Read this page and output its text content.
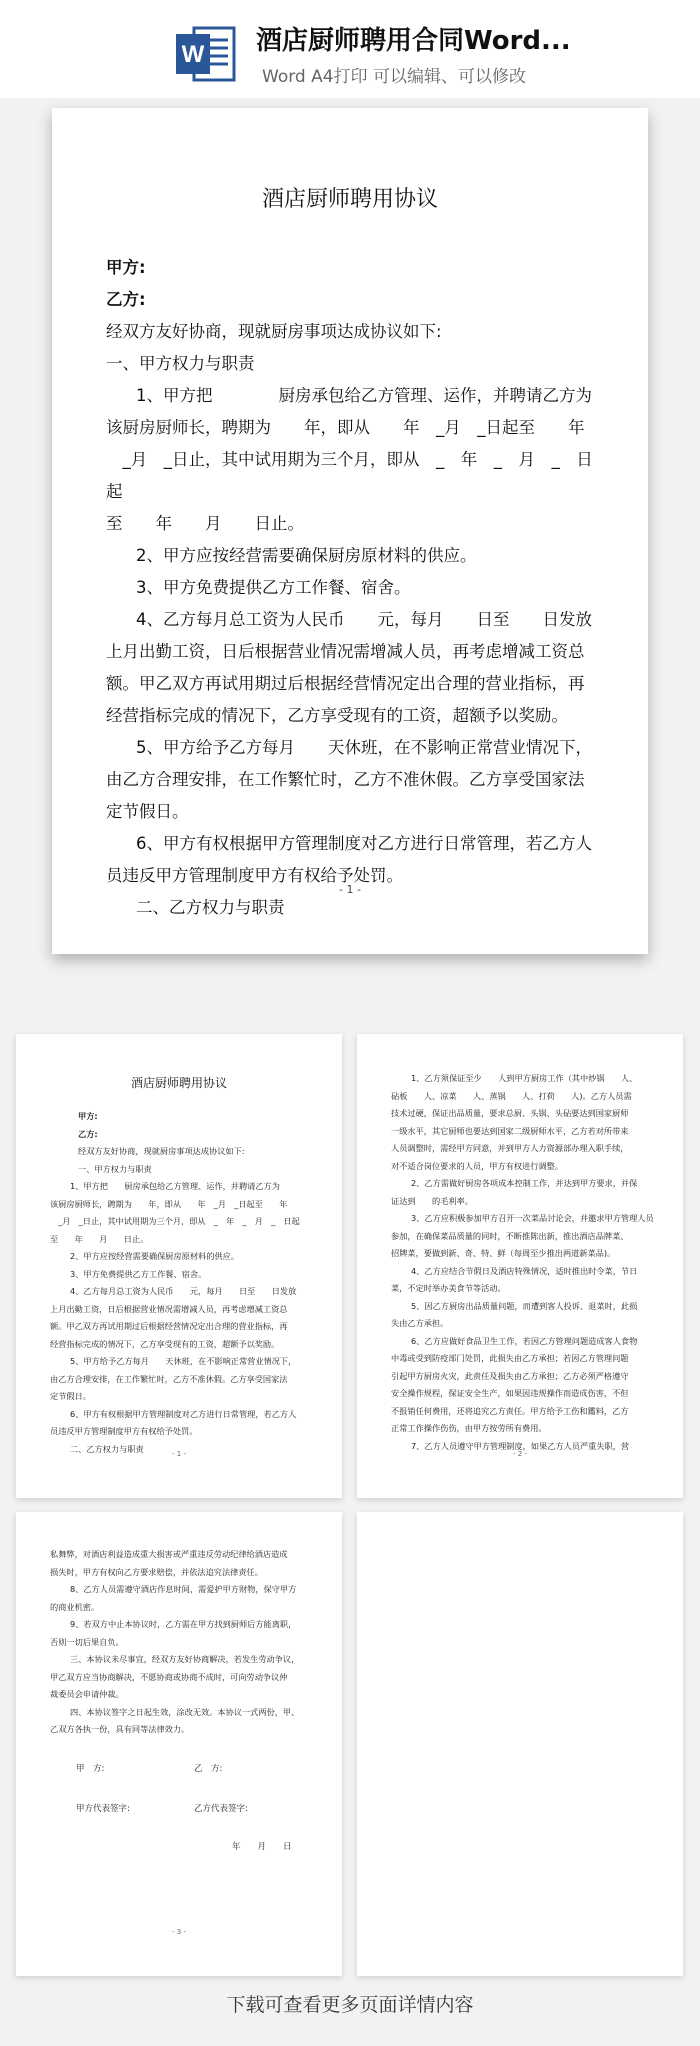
W 酒店厨师聘用合同Word...
Word A4打印 可以编辑、可以修改
酒店厨师聘用协议
甲方:
乙方:
经双方友好协商，现就厨房事项达成协议如下:
一、甲方权力与职责
1、甲方把　　　　厨房承包给乙方管理、运作，并聘请乙方为
该厨房厨师长，聘期为　　年，即从　　年　_月　_日起至　　年
　_月　_日止，其中试用期为三个月，即从　_　年　_　月　_　日起
至　　年　　月　　日止。
2、甲方应按经营需要确保厨房原材料的供应。
3、甲方免费提供乙方工作餐、宿舍。
4、乙方每月总工资为人民币　　元，每月　　日至　　日发放
上月出勤工资，日后根据营业情况需增减人员，再考虑增减工资总
额。甲乙双方再试用期过后根据经营情况定出合理的营业指标，再
经营指标完成的情况下，乙方享受现有的工资，超额予以奖励。
5、甲方给予乙方每月　　天休班，在不影响正常营业情况下，
由乙方合理安排，在工作繁忙时，乙方不准休假。乙方享受国家法
定节假日。
6、甲方有权根据甲方管理制度对乙方进行日常管理，若乙方人
员违反甲方管理制度甲方有权给予处罚。
二、乙方权力与职责
- 1 -
酒店厨师聘用协议
甲方:
乙方:
经双方友好协商，现就厨房事项达成协议如下:
一、甲方权力与职责
1、甲方把　　厨房承包给乙方管理、运作，并聘请乙方为
该厨房厨师长，聘期为　　年，即从　　年　_月　_日起至　　年
　_月　_日止，其中试用期为三个月，即从　_　年　_　月　_　日起
至　　年　　月　　日止。
2、甲方应按经营需要确保厨房原材料的供应。
3、甲方免费提供乙方工作餐、宿舍。
4、乙方每月总工资为人民币　　元，每月　　日至　　日发放
上月出勤工资，日后根据营业情况需增减人员，再考虑增减工资总
额。甲乙双方再试用期过后根据经营情况定出合理的营业指标，再
经营指标完成的情况下，乙方享受现有的工资，超额予以奖励。
5、甲方给予乙方每月　　天休班，在不影响正常营业情况下，
由乙方合理安排，在工作繁忙时，乙方不准休假。乙方享受国家法
定节假日。
6、甲方有权根据甲方管理制度对乙方进行日常管理，若乙方人
员违反甲方管理制度甲方有权给予处罚。
二、乙方权力与职责
- 1 -
1、乙方须保证至少　　人到甲方厨房工作（其中炒锅　　人、
砧板　　人、凉菜　　人、蒸锅　　人、打荷　　人)。乙方人员需
技术过硬，保证出品质量，要求总厨、头锅、头砧要达到国家厨师
一级水平，其它厨师也要达到国家二级厨师水平，乙方若对所带来
人员调整时，需经甲方同意，并到甲方人力资源部办理入职手续，
对不适合岗位要求的人员，甲方有权进行调整。
2、乙方需做好厨房各项成本控制工作，并达到甲方要求，并保
证达到　　的毛利率。
3、乙方应积极参加甲方召开一次菜品讨论会，并邀求甲方管理人员
参加，在确保菜品质量的同时，不断推陈出新，推出酒店品牌菜、
招牌菜，要做到新、奇、特、鲜（每周至少推出两道新菜品)。
4、乙方应结合节假日及酒店特殊情况，适时推出时令菜，节日
菜，不定时举办美食节等活动。
5、因乙方厨房出品质量问题，而遭到客人投诉、退菜时，此损
失由乙方承担。
6、乙方应做好食品卫生工作，若因乙方管理问题造成客人食物
中毒或受到防疫部门处罚，此损失由乙方承担；若因乙方管理问题
引起甲方厨房火灾，此责任及损失由乙方承担；乙方必须严格遵守
安全操作规程，保证安全生产，如果因违规操作而造成伤害，不但
不报销任何费用，还将追究乙方责任。甲方给予工伤和鑑料，乙方
正常工作操作伤伤，由甲方按劳所有费用。
7、乙方人员遵守甲方管理制度，如果乙方人员严重失职，营
- 2 -
私舞弊，对酒店利益造成重大损害或严重违反劳动纪律给酒店造成
损失时，甲方有权向乙方要求赔偿，并依法追究法律责任。
8、乙方人员需遵守酒店作息时间，需爱护甲方财物，保守甲方
的商业机密。
9、若双方中止本协议时，乙方需在甲方找到厨师后方能离职，
否则一切后果自负。
三、本协议未尽事宜，经双方友好协商解决，若发生劳动争议，
甲乙双方应当协商解决，不愿协商或协商不成时，可向劳动争议仲
裁委员会申请仲裁。
四、本协议签字之日起生效，涂改无效。本协议一式两份，甲、
乙双方各执一份，具有同等法律效力。
甲　方:	乙　方:
甲方代表签字:	乙方代表签字:
年　　月　　日
- 3 -
下载可查看更多页面详情内容
